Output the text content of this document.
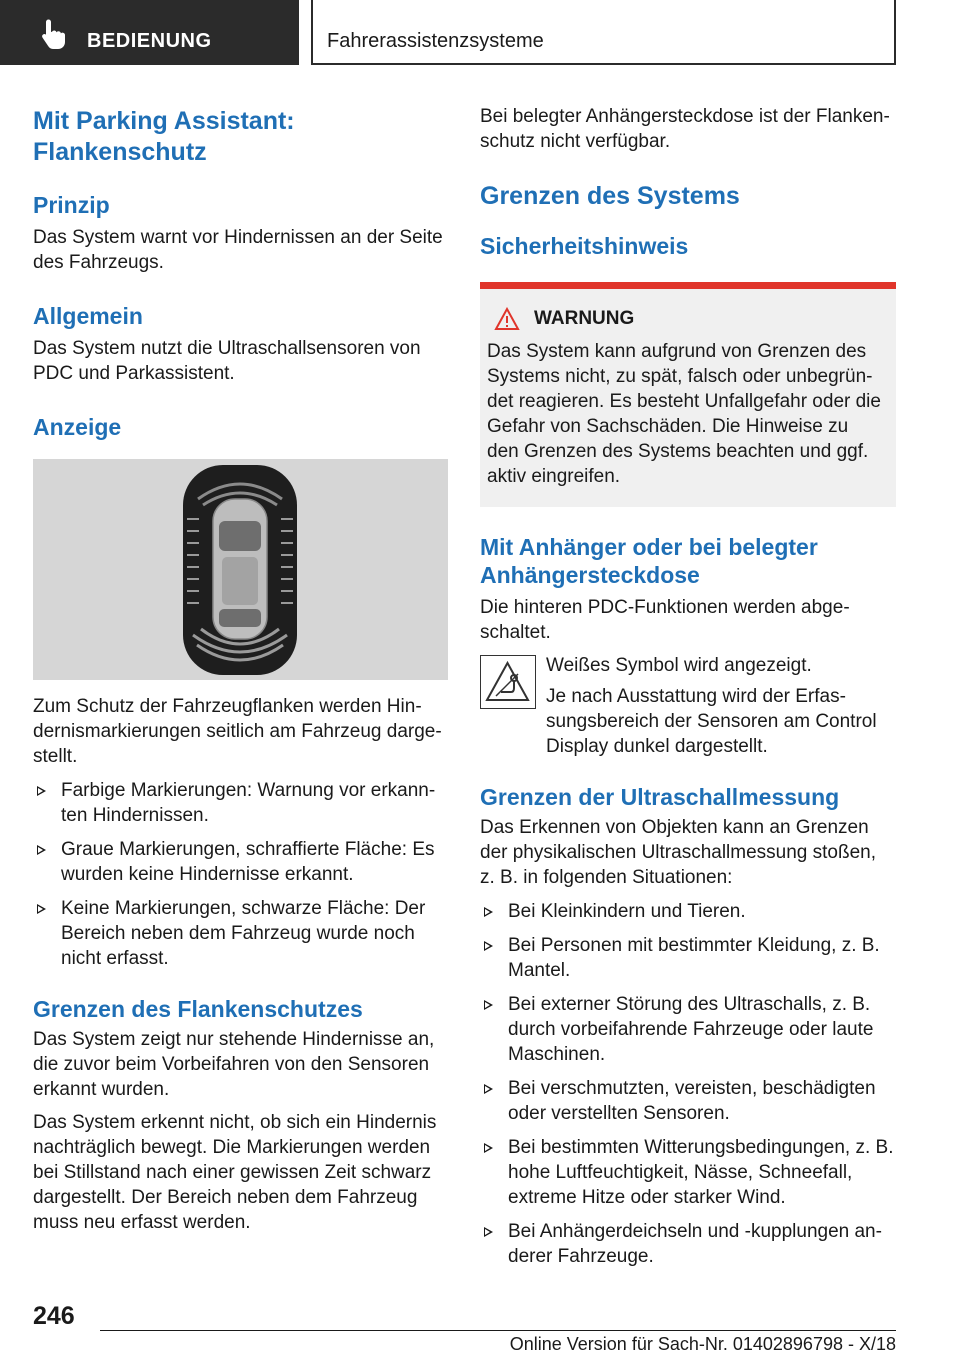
BEDIENUNG	Fahrerassistenzsysteme
Mit Parking Assistant:
Flankenschutz
Prinzip
Das System warnt vor Hindernissen an der Seite des Fahrzeugs.
Allgemein
Das System nutzt die Ultraschallsensoren von PDC und Parkassistent.
Anzeige
Zum Schutz der Fahrzeugflanken werden Hindernismarkierungen seitlich am Fahrzeug dargestellt.
Farbige Markierungen: Warnung vor erkannten Hindernissen.
Graue Markierungen, schraffierte Fläche: Es wurden keine Hindernisse erkannt.
Keine Markierungen, schwarze Fläche: Der Bereich neben dem Fahrzeug wurde noch nicht erfasst.
Grenzen des Flankenschutzes
Das System zeigt nur stehende Hindernisse an, die zuvor beim Vorbeifahren von den Sensoren erkannt wurden.
Das System erkennt nicht, ob sich ein Hindernis nachträglich bewegt. Die Markierungen werden bei Stillstand nach einer gewissen Zeit schwarz dargestellt. Der Bereich neben dem Fahrzeug muss neu erfasst werden.
Bei belegter Anhängersteckdose ist der Flankenschutz nicht verfügbar.
Grenzen des Systems
Sicherheitshinweis
WARNUNG
Das System kann aufgrund von Grenzen des Systems nicht, zu spät, falsch oder unbegründet reagieren. Es besteht Unfallgefahr oder die Gefahr von Sachschäden. Die Hinweise zu den Grenzen des Systems beachten und ggf. aktiv eingreifen.
Mit Anhänger oder bei belegter Anhängersteckdose
Die hinteren PDC-Funktionen werden abgeschaltet.
Weißes Symbol wird angezeigt.
Je nach Ausstattung wird der Erfassungsbereich der Sensoren am Control Display dunkel dargestellt.
Grenzen der Ultraschallmessung
Das Erkennen von Objekten kann an Grenzen der physikalischen Ultraschallmessung stoßen, z. B. in folgenden Situationen:
Bei Kleinkindern und Tieren.
Bei Personen mit bestimmter Kleidung, z. B. Mantel.
Bei externer Störung des Ultraschalls, z. B. durch vorbeifahrende Fahrzeuge oder laute Maschinen.
Bei verschmutzten, vereisten, beschädigten oder verstellten Sensoren.
Bei bestimmten Witterungsbedingungen, z. B. hohe Luftfeuchtigkeit, Nässe, Schneefall, extreme Hitze oder starker Wind.
Bei Anhängerdeichseln und -kupplungen anderer Fahrzeuge.
246
Online Version für Sach-Nr. 01402896798 - X/18
